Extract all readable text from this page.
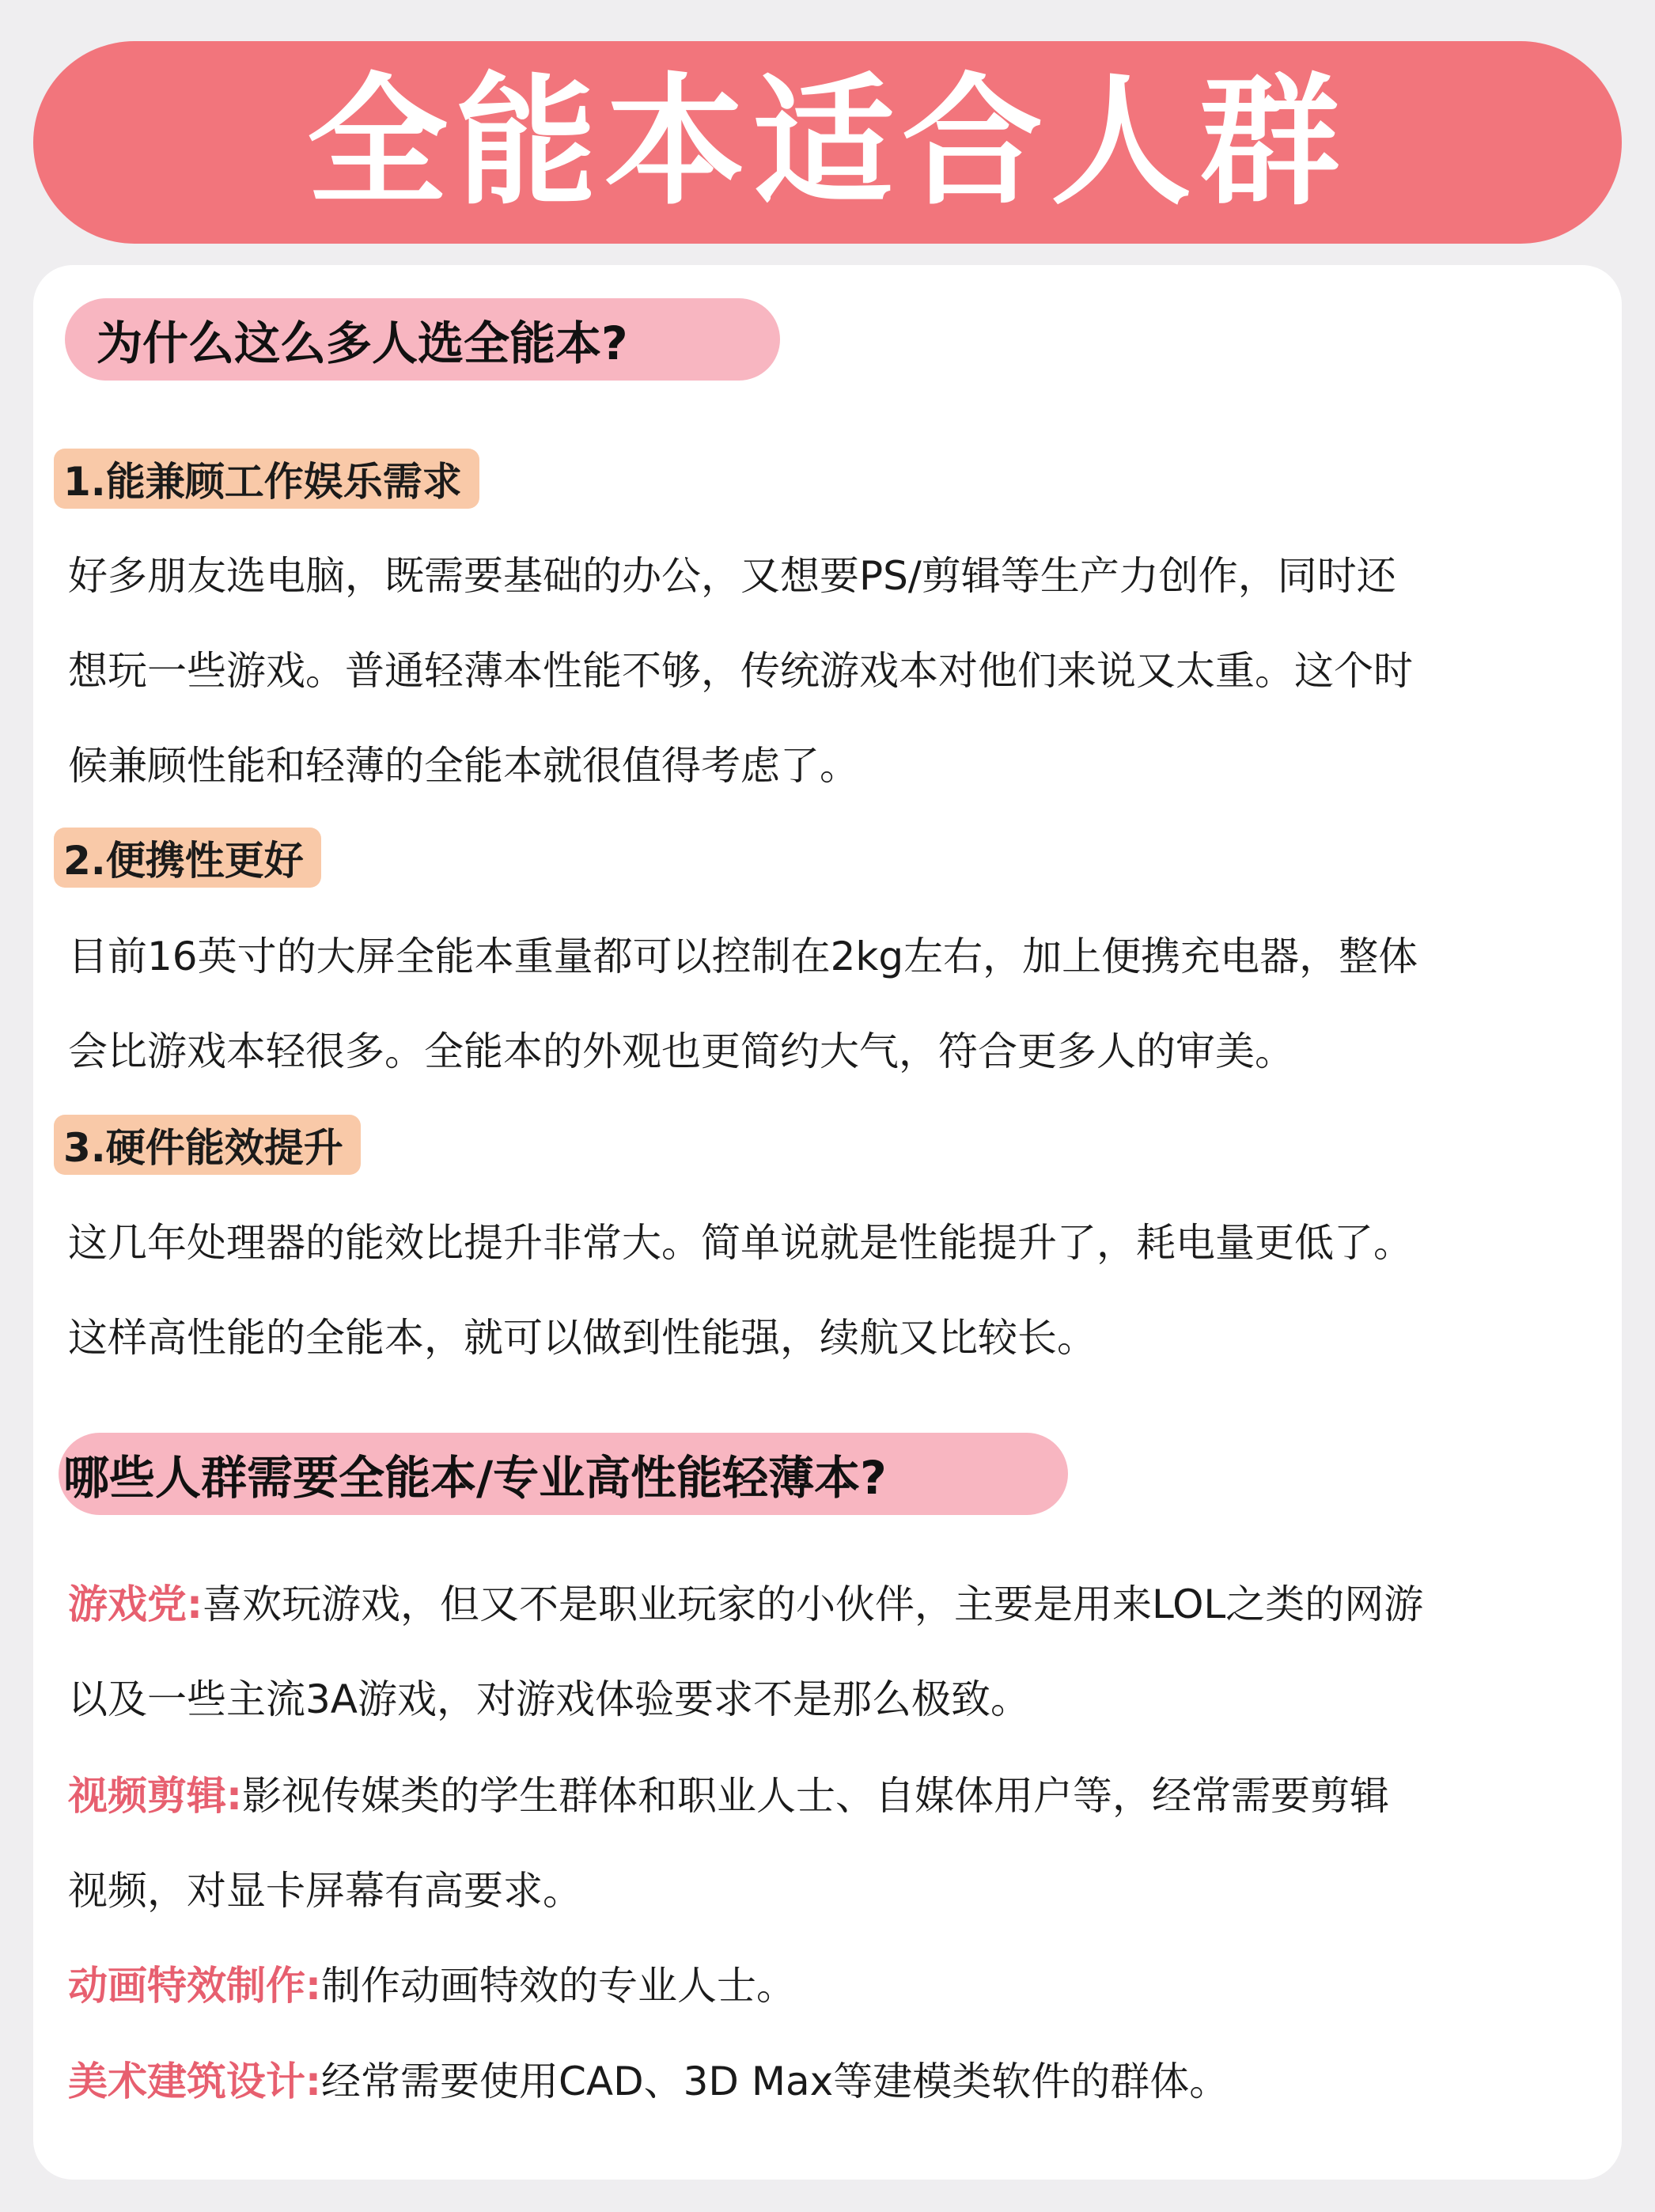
全能本适合人群
为什么这么多人选全能本?
1.能兼顾工作娱乐需求
好多朋友选电脑，既需要基础的办公，又想要PS/剪辑等生产力创作，同时还
想玩一些游戏。普通轻薄本性能不够，传统游戏本对他们来说又太重。这个时
候兼顾性能和轻薄的全能本就很值得考虑了。
2.便携性更好
目前16英寸的大屏全能本重量都可以控制在2kg左右，加上便携充电器，整体
会比游戏本轻很多。全能本的外观也更简约大气，符合更多人的审美。
3.硬件能效提升
这几年处理器的能效比提升非常大。简单说就是性能提升了，耗电量更低了。
这样高性能的全能本，就可以做到性能强，续航又比较长。
哪些人群需要全能本/专业高性能轻薄本?
游戏党:喜欢玩游戏，但又不是职业玩家的小伙伴，主要是用来LOL之类的网游
以及一些主流3A游戏，对游戏体验要求不是那么极致。
视频剪辑:影视传媒类的学生群体和职业人士、自媒体用户等，经常需要剪辑
视频，对显卡屏幕有高要求。
动画特效制作:制作动画特效的专业人士。
美术建筑设计:经常需要使用CAD、3D Max等建模类软件的群体。
